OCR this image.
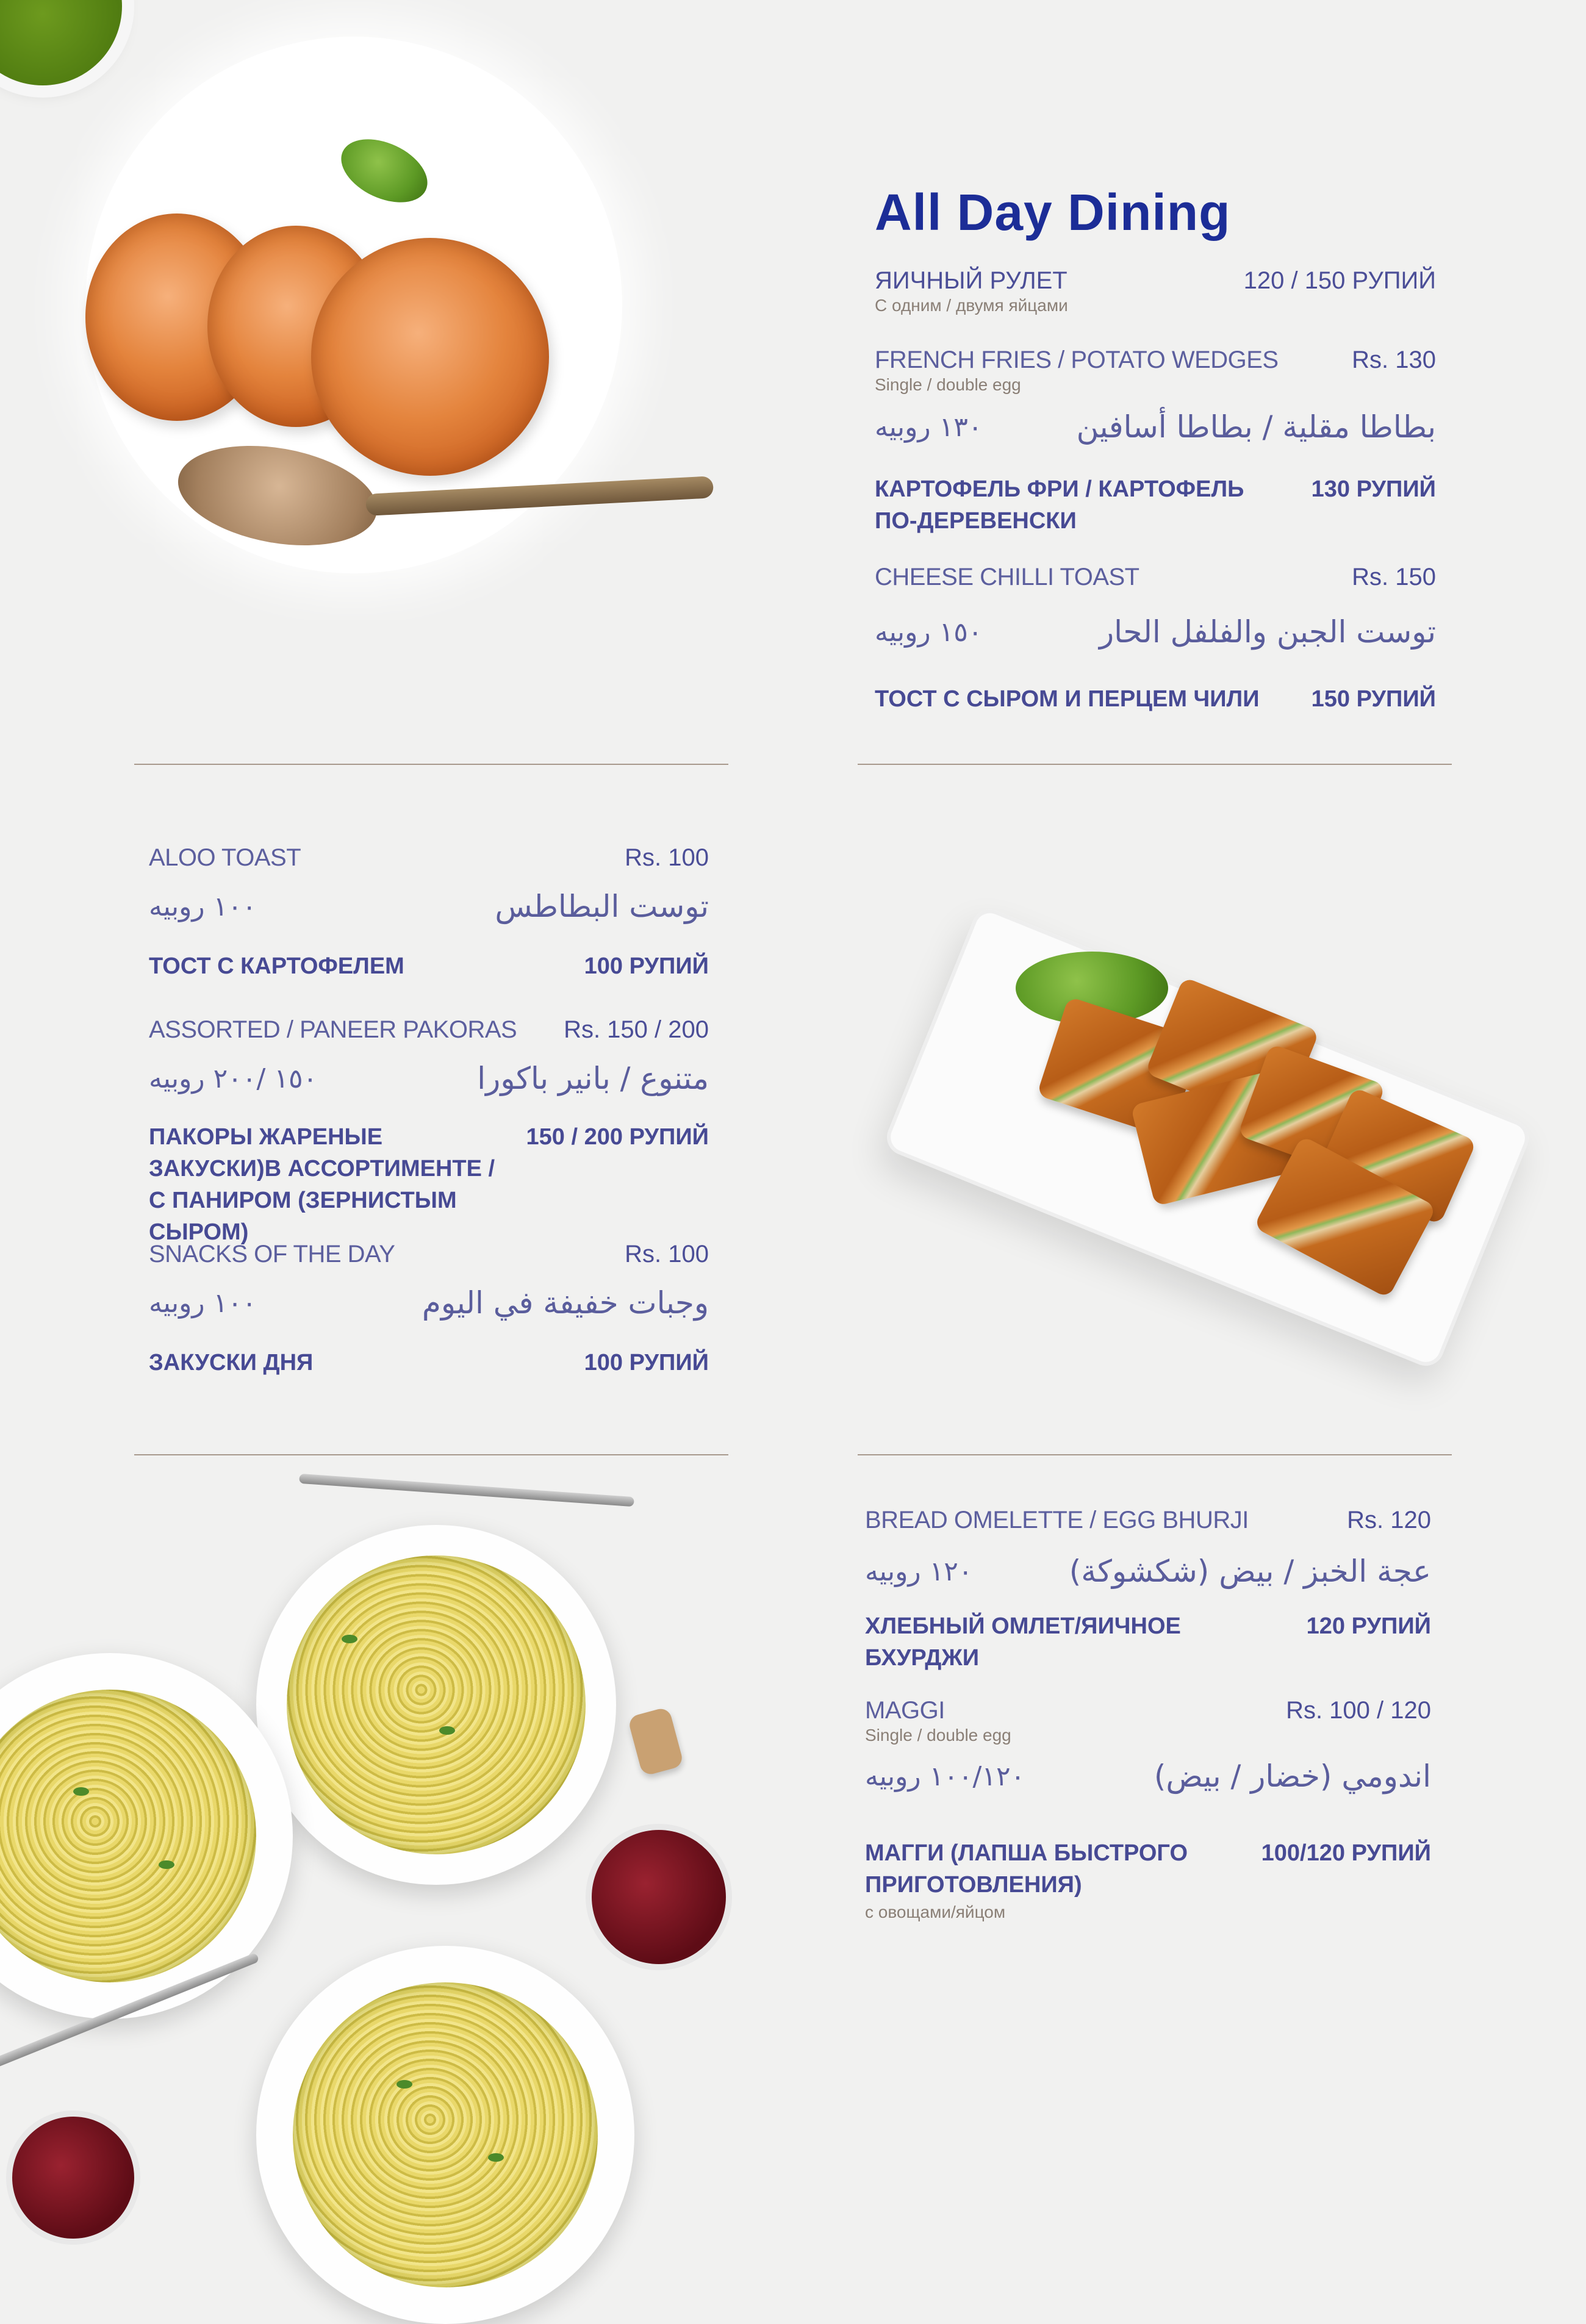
All Day Dining
ЯИЧНЫЙ РУЛЕТ	120 / 150 РУПИЙ
С одним / двумя яйцами
FRENCH FRIES / POTATO WEDGES	Rs. 130
Single / double egg
بطاطا مقلية / بطاطا أسافين
١٣٠ روبيه
КАРТОФЕЛЬ ФРИ / КАРТОФЕЛЬ
ПО-ДЕРЕВЕНСКИ
130 РУПИЙ
CHEESE CHILLI TOAST	Rs. 150
توست الجبن والفلفل الحار
١٥٠ روبيه
ТОСТ С СЫРОМ И ПЕРЦЕМ ЧИЛИ 150 РУПИЙ
ALOO TOAST	Rs. 100
توست البطاطس
١٠٠ روبيه
ТОСТ С КАРТОФЕЛЕМ	100 РУПИЙ
ASSORTED / PANEER PAKORAS Rs. 150 / 200
متنوع / بانير باكورا
١٥٠ /٢٠٠ روبيه
ПАКОРЫ ЖАРЕНЫЕ
ЗАКУСКИ)В АССОРТИМЕНТЕ /
С ПАНИРОМ (ЗЕРНИСТЫМ СЫРОМ)
150 / 200 РУПИЙ
SNACKS OF THE DAY	Rs. 100
وجبات خفيفة في اليوم
١٠٠ روبيه
ЗАКУСКИ ДНЯ	100 РУПИЙ
BREAD OMELETTE / EGG BHURJI	Rs. 120
عجة الخبز / بيض (شكشوكة)
١٢٠ روبيه
ХЛЕБНЫЙ ОМЛЕТ/ЯИЧНОЕ
БХУРДЖИ
120 РУПИЙ
MAGGI	Rs. 100 / 120
Single / double egg
اندومي (خضار / بيض)
١٠٠/١٢٠ روبيه
МАГГИ (ЛАПША БЫСТРОГО
ПРИГОТОВЛЕНИЯ)
100/120 РУПИЙ
с овощами/яйцом
